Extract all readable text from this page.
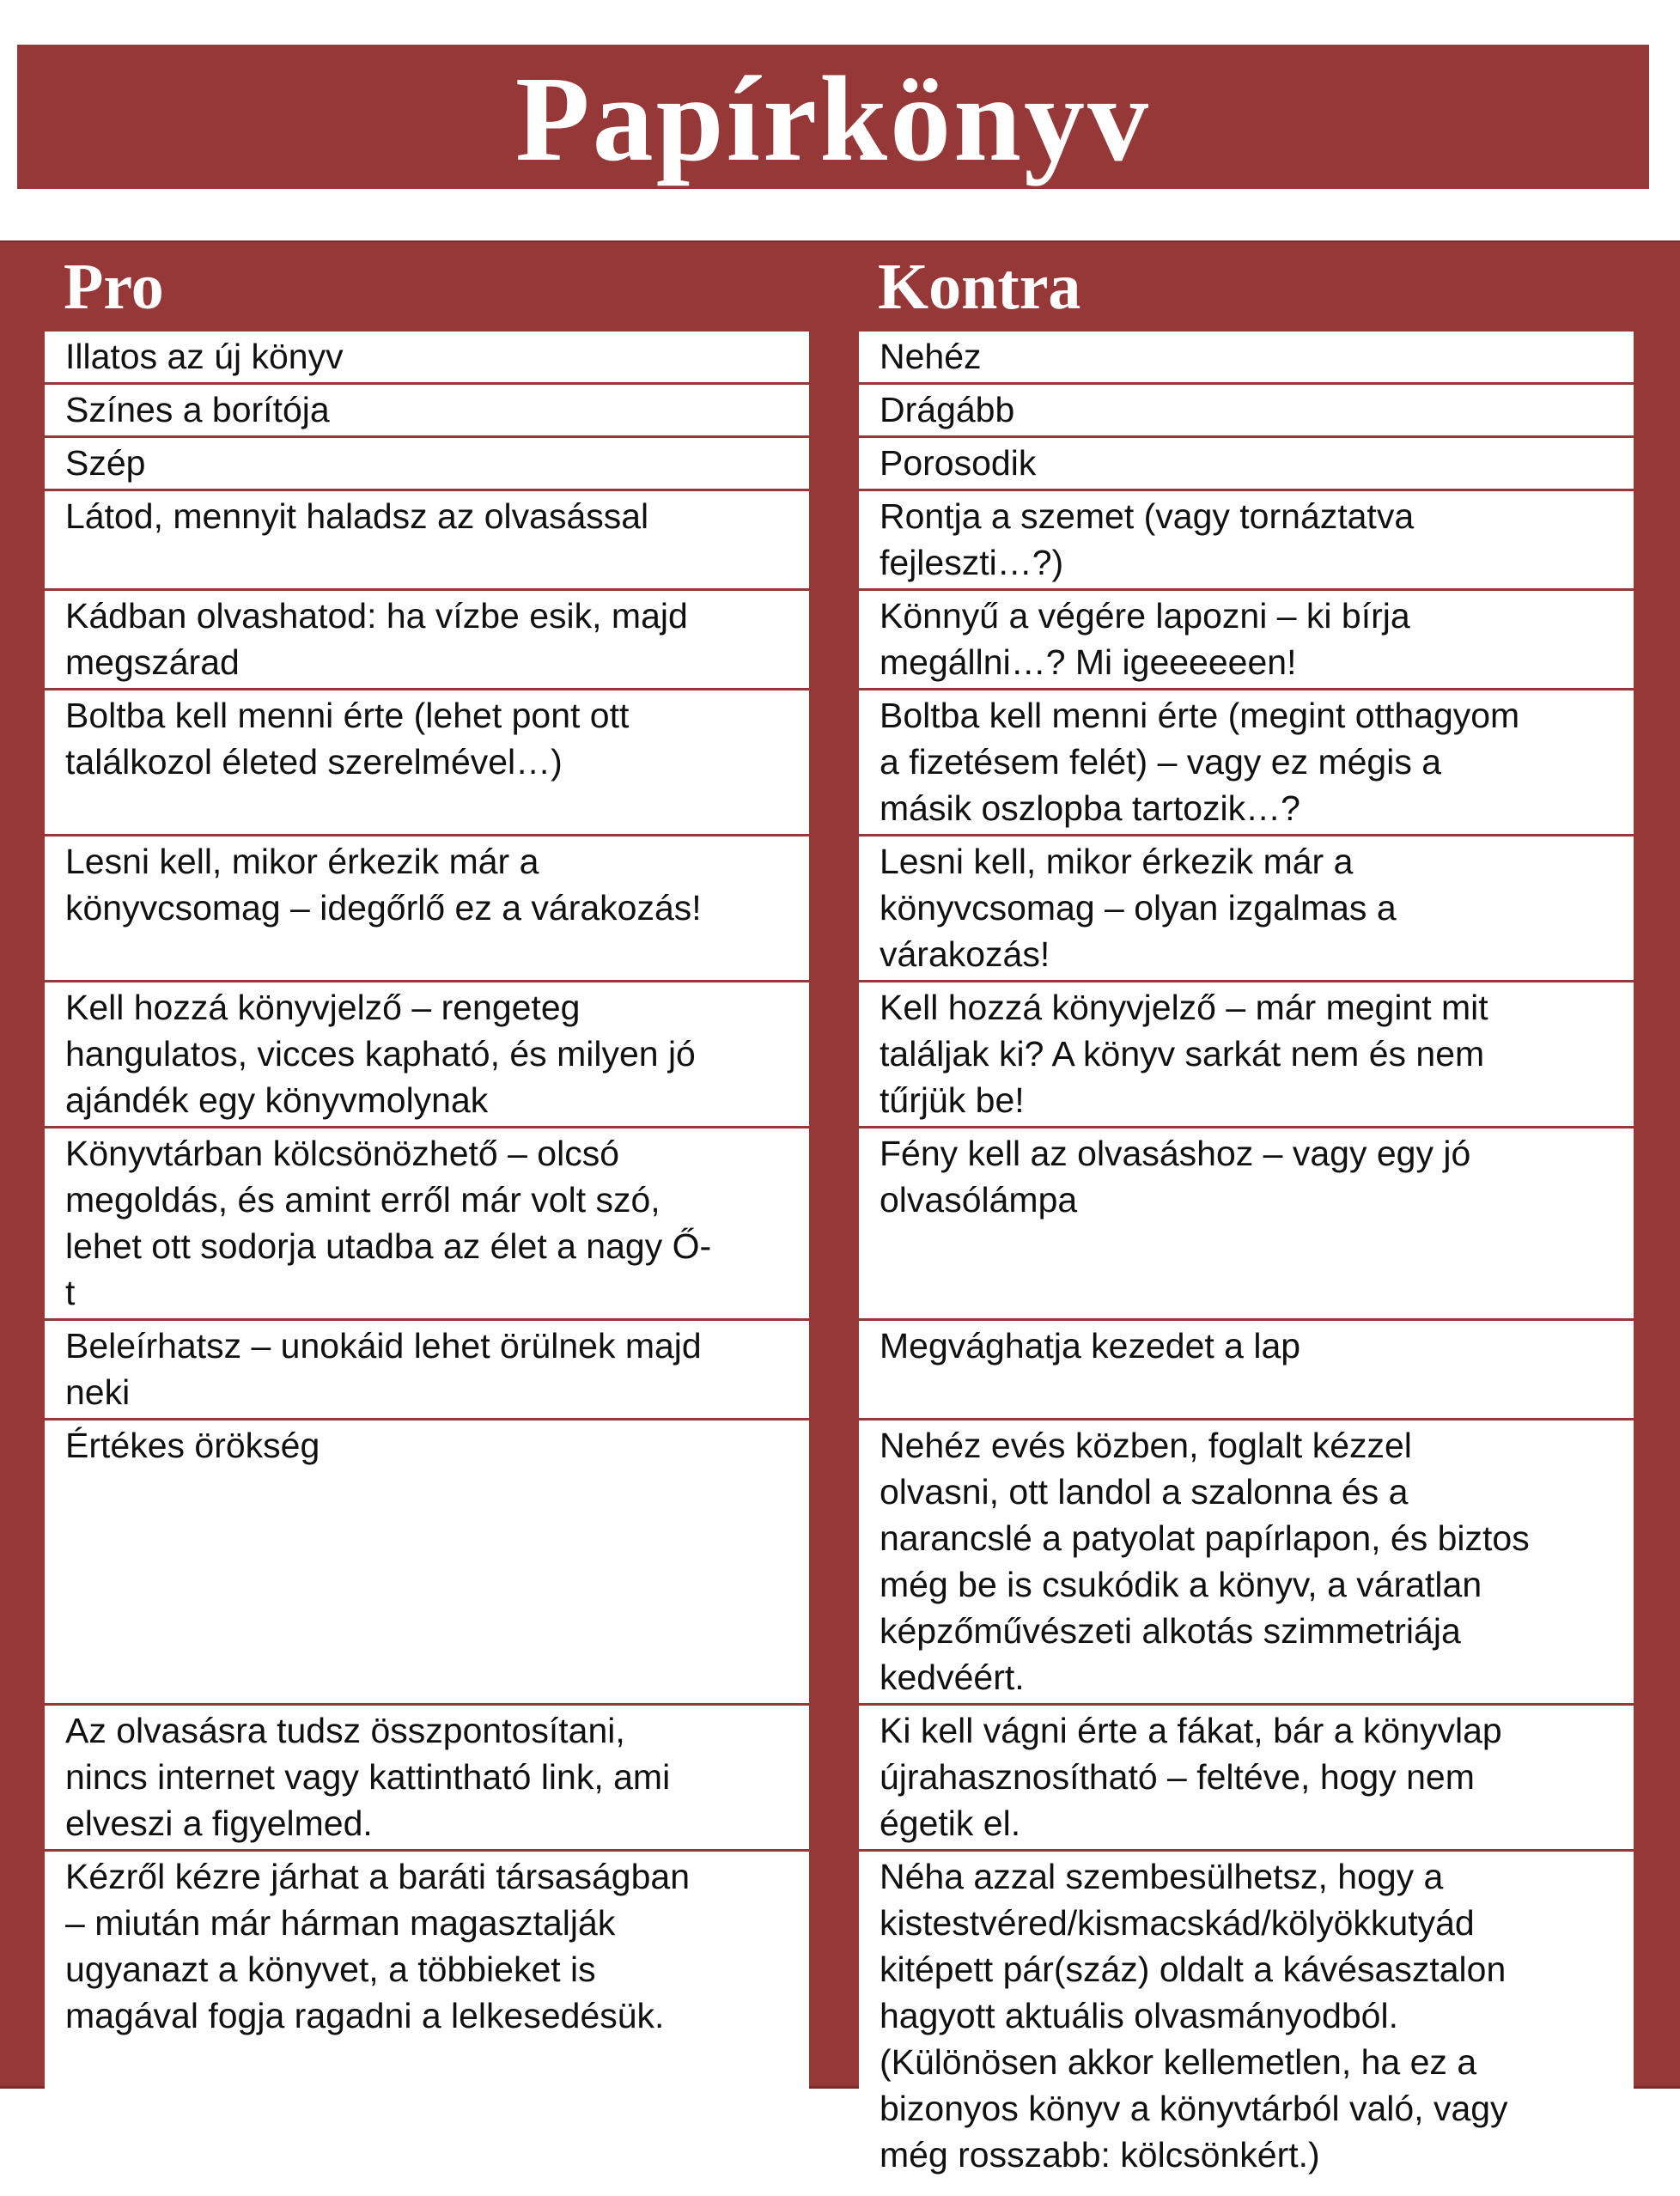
Papírkönyv
Pro	Kontra
Illatos az új könyv
Színes a borítója
Szép
Látod, mennyit haladsz az olvasással
Kádban olvashatod: ha vízbe esik, majd
megszárad
Boltba kell menni érte (lehet pont ott
találkozol életed szerelmével…)
Lesni kell, mikor érkezik már a
könyvcsomag – idegőrlő ez a várakozás!
Kell hozzá könyvjelző – rengeteg
hangulatos, vicces kapható, és milyen jó
ajándék egy könyvmolynak
Könyvtárban kölcsönözhető – olcsó
megoldás, és amint erről már volt szó,
lehet ott sodorja utadba az élet a nagy Ő-
t
Beleírhatsz – unokáid lehet örülnek majd
neki
Értékes örökség
Az olvasásra tudsz összpontosítani,
nincs internet vagy kattintható link, ami
elveszi a figyelmed.
Kézről kézre járhat a baráti társaságban
– miután már hárman magasztalják
ugyanazt a könyvet, a többieket is
magával fogja ragadni a lelkesedésük.
Nehéz
Drágább
Porosodik
Rontja a szemet (vagy tornáztatva
fejleszti…?)
Könnyű a végére lapozni – ki bírja
megállni…? Mi igeeeeeen!
Boltba kell menni érte (megint otthagyom
a fizetésem felét) – vagy ez mégis a
másik oszlopba tartozik…?
Lesni kell, mikor érkezik már a
könyvcsomag – olyan izgalmas a
várakozás!
Kell hozzá könyvjelző – már megint mit
találjak ki? A könyv sarkát nem és nem
tűrjük be!
Fény kell az olvasáshoz – vagy egy jó
olvasólámpa
Megvághatja kezedet a lap
Nehéz evés közben, foglalt kézzel
olvasni, ott landol a szalonna és a
narancslé a patyolat papírlapon, és biztos
még be is csukódik a könyv, a váratlan
képzőművészeti alkotás szimmetriája
kedvéért.
Ki kell vágni érte a fákat, bár a könyvlap
újrahasznosítható – feltéve, hogy nem
égetik el.
Néha azzal szembesülhetsz, hogy a
kistestvéred/kismacskád/kölyökkutyád
kitépett pár(száz) oldalt a kávésasztalon
hagyott aktuális olvasmányodból.
(Különösen akkor kellemetlen, ha ez a
bizonyos könyv a könyvtárból való, vagy
még rosszabb: kölcsönkért.)
